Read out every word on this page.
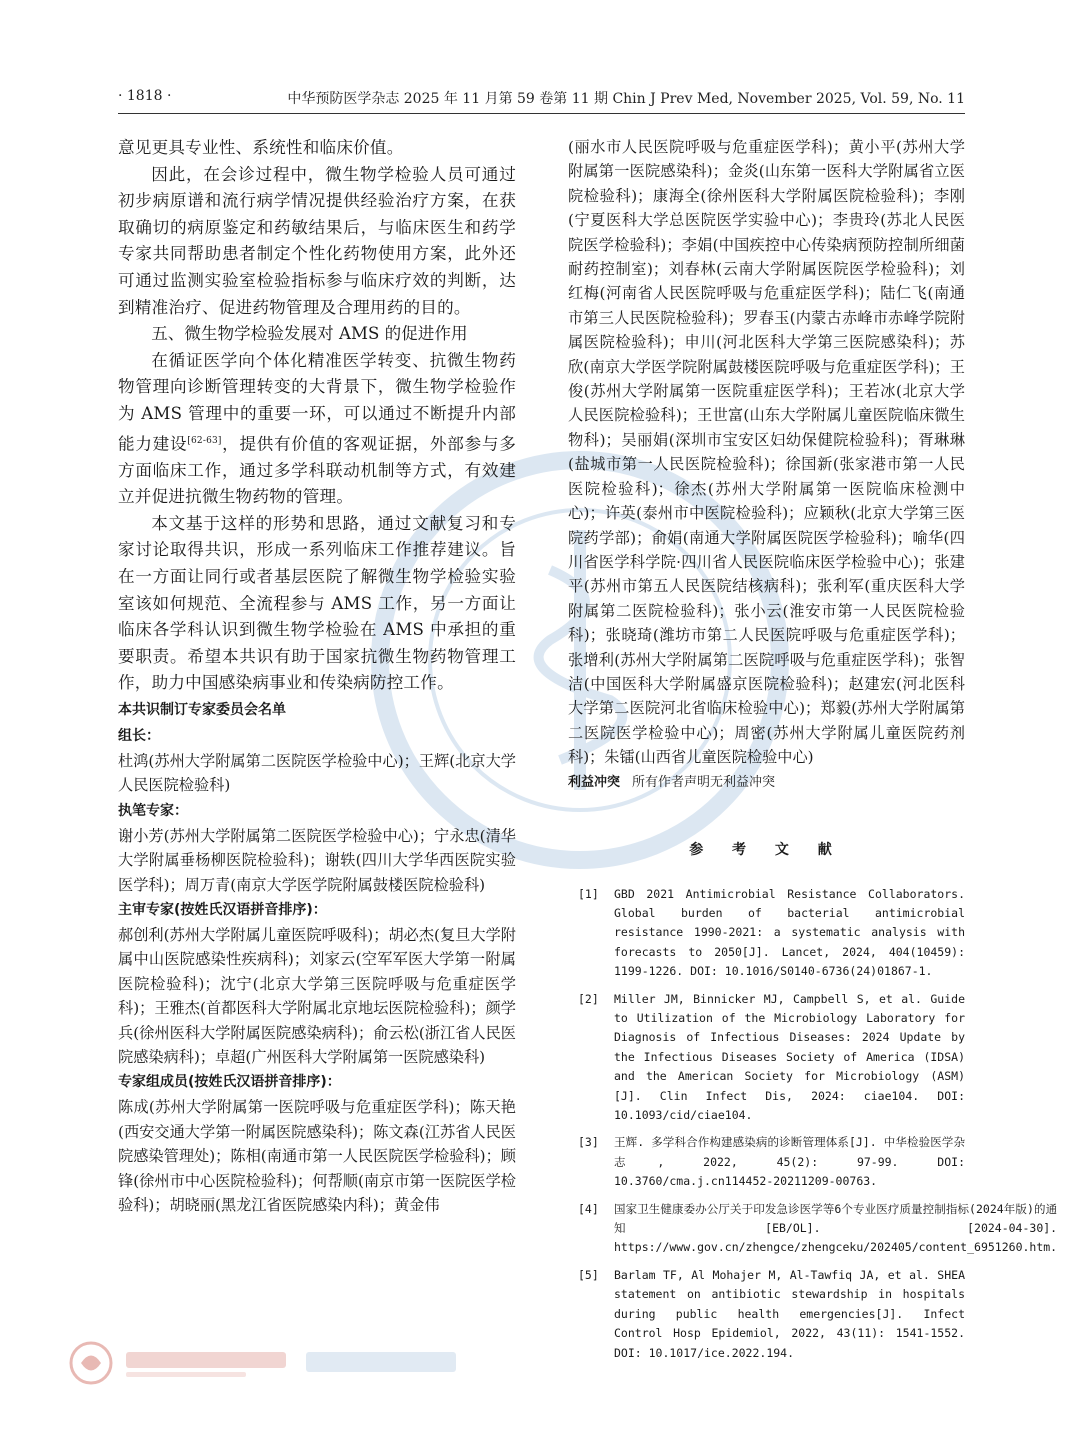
· 1818 ·	中华预防医学杂志 2025 年 11 月第 59 卷第 11 期 Chin J Prev Med, November 2025, Vol. 59, No. 11

意见更具专业性、系统性和临床价值。

因此，在会诊过程中，微生物学检验人员可通过初步病原谱和流行病学情况提供经验治疗方案，在获取确切的病原鉴定和药敏结果后，与临床医生和药学专家共同帮助患者制定个性化药物使用方案，此外还可通过监测实验室检验指标参与临床疗效的判断，达到精准治疗、促进药物管理及合理用药的目的。

五、微生物学检验发展对 AMS 的促进作用

在循证医学向个体化精准医学转变、抗微生物药物管理向诊断管理转变的大背景下，微生物学检验作为 AMS 管理中的重要一环，可以通过不断提升内部能力建设[62-63]，提供有价值的客观证据，外部参与多方面临床工作，通过多学科联动机制等方式，有效建立并促进抗微生物药物的管理。

本文基于这样的形势和思路，通过文献复习和专家讨论取得共识，形成一系列临床工作推荐建议。旨在一方面让同行或者基层医院了解微生物学检验实验室该如何规范、全流程参与 AMS 工作，另一方面让临床各学科认识到微生物学检验在 AMS 中承担的重要职责。希望本共识有助于国家抗微生物药物管理工作，助力中国感染病事业和传染病防控工作。

本共识制订专家委员会名单
组长：

杜鸿(苏州大学附属第二医院医学检验中心)；王辉(北京大学人民医院检验科)

执笔专家：

谢小芳(苏州大学附属第二医院医学检验中心)；宁永忠(清华大学附属垂杨柳医院检验科)；谢轶(四川大学华西医院实验医学科)；周万青(南京大学医学院附属鼓楼医院检验科)

主审专家(按姓氏汉语拼音排序)：

郝创利(苏州大学附属儿童医院呼吸科)；胡必杰(复旦大学附属中山医院感染性疾病科)；刘家云(空军军医大学第一附属医院检验科)；沈宁(北京大学第三医院呼吸与危重症医学科)；王雅杰(首都医科大学附属北京地坛医院检验科)；颜学兵(徐州医科大学附属医院感染病科)；俞云松(浙江省人民医院感染病科)；卓超(广州医科大学附属第一医院感染科)

专家组成员(按姓氏汉语拼音排序)：

陈成(苏州大学附属第一医院呼吸与危重症医学科)；陈天艳(西安交通大学第一附属医院感染科)；陈文森(江苏省人民医院感染管理处)；陈相(南通市第一人民医院医学检验科)；顾锋(徐州市中心医院检验科)；何帮顺(南京市第一医院医学检验科)；胡晓丽(黑龙江省医院感染内科)；黄金伟

(丽水市人民医院呼吸与危重症医学科)；黄小平(苏州大学附属第一医院感染科)；金炎(山东第一医科大学附属省立医院检验科)；康海全(徐州医科大学附属医院检验科)；李刚(宁夏医科大学总医院医学实验中心)；李贵玲(苏北人民医院医学检验科)；李娟(中国疾控中心传染病预防控制所细菌耐药控制室)；刘春林(云南大学附属医院医学检验科)；刘红梅(河南省人民医院呼吸与危重症医学科)；陆仁飞(南通市第三人民医院检验科)；罗春玉(内蒙古赤峰市赤峰学院附属医院检验科)；申川(河北医科大学第三医院感染科)；苏欣(南京大学医学院附属鼓楼医院呼吸与危重症医学科)；王俊(苏州大学附属第一医院重症医学科)；王若冰(北京大学人民医院检验科)；王世富(山东大学附属儿童医院临床微生物科)；吴丽娟(深圳市宝安区妇幼保健院检验科)；胥琳琳(盐城市第一人民医院检验科)；徐国新(张家港市第一人民医院检验科)；徐杰(苏州大学附属第一医院临床检测中心)；许英(泰州市中医院检验科)；应颖秋(北京大学第三医院药学部)；俞娟(南通大学附属医院医学检验科)；喻华(四川省医学科学院·四川省人民医院临床医学检验中心)；张建平(苏州市第五人民医院结核病科)；张利军(重庆医科大学附属第二医院检验科)；张小云(淮安市第一人民医院检验科)；张晓琦(潍坊市第二人民医院呼吸与危重症医学科)；张增利(苏州大学附属第二医院呼吸与危重症医学科)；张智洁(中国医科大学附属盛京医院检验科)；赵建宏(河北医科大学第二医院河北省临床检验中心)；郑毅(苏州大学附属第二医院医学检验中心)；周密(苏州大学附属儿童医院药剂科)；朱镭(山西省儿童医院检验中心)

利益冲突 所有作者声明无利益冲突

参 考 文 献
[1]	GBD 2021 Antimicrobial Resistance Collaborators. Global burden of bacterial antimicrobial resistance 1990-2021: a systematic analysis with forecasts to 2050[J]. Lancet, 2024, 404(10459): 1199-1226. DOI: 10.1016/S0140-6736(24)01867-1.
[2]	Miller JM, Binnicker MJ, Campbell S, et al. Guide to Utilization of the Microbiology Laboratory for Diagnosis of Infectious Diseases: 2024 Update by the Infectious Diseases Society of America (IDSA) and the American Society for Microbiology (ASM) [J]. Clin Infect Dis, 2024: ciae104. DOI: 10.1093/cid/ciae104.
[3]	王辉. 多学科合作构建感染病的诊断管理体系[J]. 中华检验医学杂志, 2022, 45(2): 97-99. DOI: 10.3760/cma.j.cn114452-20211209-00763.
[4]	国家卫生健康委办公厅关于印发急诊医学等6个专业医疗质量控制指标(2024年版)的通知[EB/OL]. [2024-04-30]. https://www.gov.cn/zhengce/zhengceku/202405/content_6951260.htm.
[5]	Barlam TF, Al Mohajer M, Al-Tawfiq JA, et al. SHEA statement on antibiotic stewardship in hospitals during public health emergencies[J]. Infect Control Hosp Epidemiol, 2022, 43(11): 1541-1552. DOI: 10.1017/ice.2022.194.
